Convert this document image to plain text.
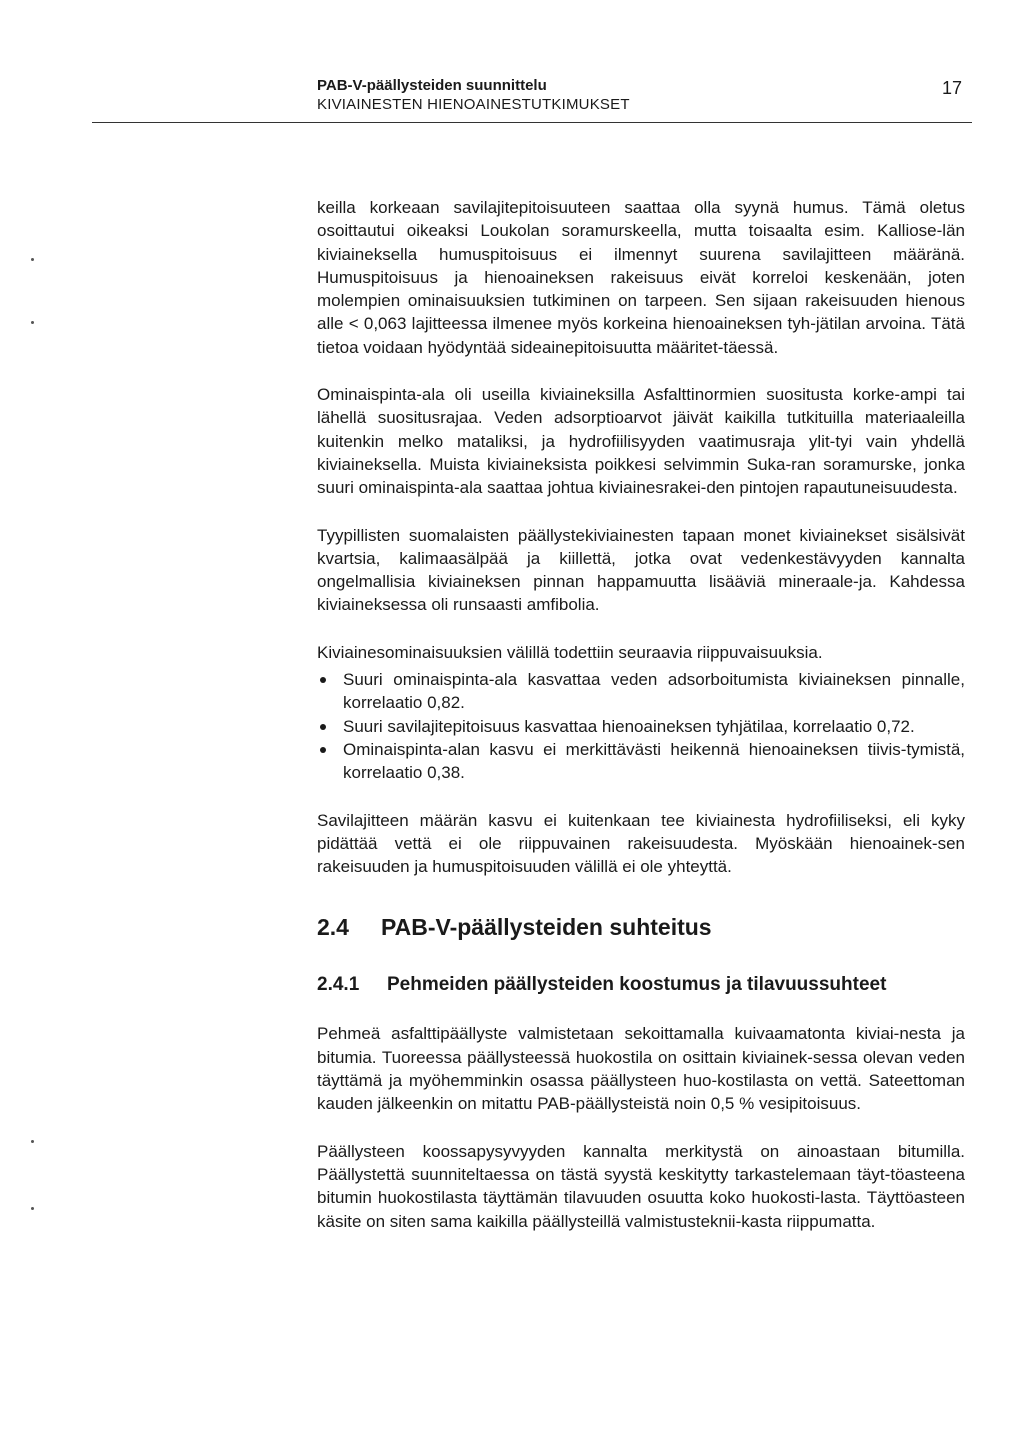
PAB-V-päällysteiden suunnittelu
KIVIAINESTEN HIENOAINESTUTKIMUKSET
17

keilla korkeaan savilajitepitoisuuteen saattaa olla syynä humus. Tämä oletus osoittautui oikeaksi Loukolan soramurskeella, mutta toisaalta esim. Kalliose-län kiviaineksella humuspitoisuus ei ilmennyt suurena savilajitteen määränä. Humuspitoisuus ja hienoaineksen rakeisuus eivät korreloi keskenään, joten molempien ominaisuuksien tutkiminen on tarpeen. Sen sijaan rakeisuuden hienous alle < 0,063 lajitteessa ilmenee myös korkeina hienoaineksen tyh-jätilan arvoina. Tätä tietoa voidaan hyödyntää sideainepitoisuutta määritet-täessä.

Ominaispinta-ala oli useilla kiviaineksilla Asfalttinormien suositusta korke-ampi tai lähellä suositusrajaa. Veden adsorptioarvot jäivät kaikilla tutkituilla materiaaleilla kuitenkin melko mataliksi, ja hydrofiilisyyden vaatimusraja ylit-tyi vain yhdellä kiviaineksella. Muista kiviaineksista poikkesi selvimmin Suka-ran soramurske, jonka suuri ominaispinta-ala saattaa johtua kiviainesrakei-den pintojen rapautuneisuudesta.

Tyypillisten suomalaisten päällystekiviainesten tapaan monet kiviainekset sisälsivät kvartsia, kalimaasälpää ja kiillettä, jotka ovat vedenkestävyyden kannalta ongelmallisia kiviaineksen pinnan happamuutta lisääviä mineraale-ja. Kahdessa kiviaineksessa oli runsaasti amfibolia.

Kiviainesominaisuuksien välillä todettiin seuraavia riippuvaisuuksia.

Suuri ominaispinta-ala kasvattaa veden adsorboitumista kiviaineksen pinnalle, korrelaatio 0,82.
Suuri savilajitepitoisuus kasvattaa hienoaineksen tyhjätilaa, korrelaatio 0,72.
Ominaispinta-alan kasvu ei merkittävästi heikennä hienoaineksen tiivis-tymistä, korrelaatio 0,38.

Savilajitteen määrän kasvu ei kuitenkaan tee kiviainesta hydrofiiliseksi, eli kyky pidättää vettä ei ole riippuvainen rakeisuudesta. Myöskään hienoainek-sen rakeisuuden ja humuspitoisuuden välillä ei ole yhteyttä.

2.4 PAB-V-päällysteiden suhteitus
2.4.1 Pehmeiden päällysteiden koostumus ja tilavuussuhteet

Pehmeä asfalttipäällyste valmistetaan sekoittamalla kuivaamatonta kiviai-nesta ja bitumia. Tuoreessa päällysteessä huokostila on osittain kiviainek-sessa olevan veden täyttämä ja myöhemminkin osassa päällysteen huo-kostilasta on vettä. Sateettoman kauden jälkeenkin on mitattu PAB-päällysteistä noin 0,5 % vesipitoisuus.

Päällysteen koossapysyvyyden kannalta merkitystä on ainoastaan bitumilla. Päällystettä suunniteltaessa on tästä syystä keskitytty tarkastelemaan täyt-töasteena bitumin huokostilasta täyttämän tilavuuden osuutta koko huokosti-lasta. Täyttöasteen käsite on siten sama kaikilla päällysteillä valmistusteknii-kasta riippumatta.
